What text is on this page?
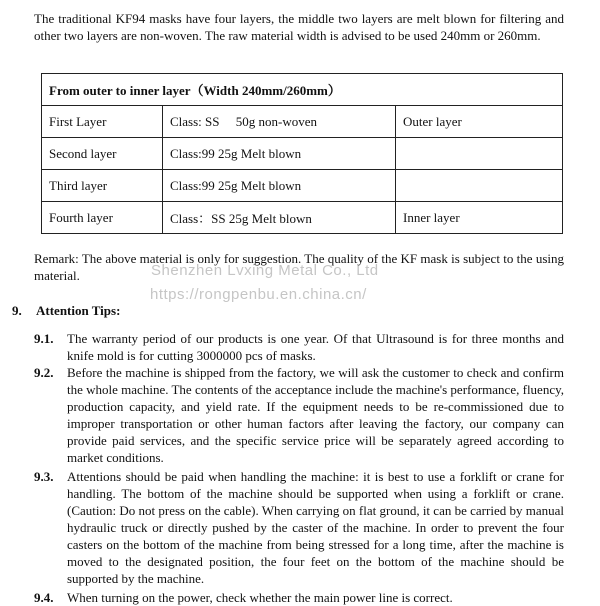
The traditional KF94 masks have four layers, the middle two layers are melt blown for filtering and other two layers are non-woven. The raw material width is advised to be used 240mm or 260mm.
From outer to inner layer（Width 240mm/260mm）		
First Layer	Class: SS     50g non-woven	Outer layer
Second layer	Class:99 25g Melt blown	
Third layer	Class:99 25g Melt blown	
Fourth layer	Class：SS 25g Melt blown	Inner layer
Remark: The above material is only for suggestion. The quality of the KF mask is subject to the using material.	Shenzhen Lvxing Metal Co., Ltd
https://rongpenbu.en.china.cn/
9. Attention Tips:
9.1. The warranty period of our products is one year. Of that Ultrasound is for three months and knife mold is for cutting 3000000 pcs of masks.
9.2. Before the machine is shipped from the factory, we will ask the customer to check and confirm the whole machine. The contents of the acceptance include the machine's performance, fluency, production capacity, and yield rate. If the equipment needs to be re-commissioned due to improper transportation or other human factors after leaving the factory, our company can provide paid services, and the specific service price will be separately agreed according to market conditions.
9.3. Attentions should be paid when handling the machine: it is best to use a forklift or crane for handling. The bottom of the machine should be supported when using a forklift or crane. (Caution: Do not press on the cable). When carrying on flat ground, it can be carried by manual hydraulic truck or directly pushed by the caster of the machine. In order to prevent the four casters on the bottom of the machine from being stressed for a long time, after the machine is moved to the designated position, the four feet on the bottom of the machine should be supported by the machine.
9.4. When turning on the power, check whether the main power line is correct.
